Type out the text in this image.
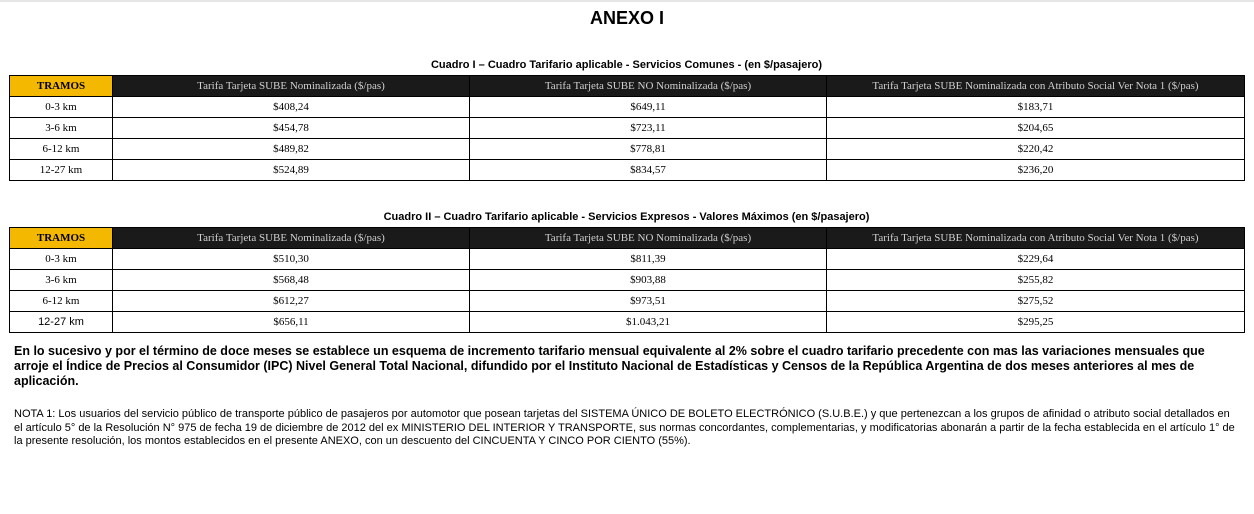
ANEXO I
Cuadro I – Cuadro Tarifario aplicable - Servicios Comunes - (en $/pasajero)
TRAMOS	Tarifa Tarjeta SUBE Nominalizada ($/pas)	Tarifa Tarjeta SUBE NO Nominalizada ($/pas)	Tarifa Tarjeta SUBE Nominalizada con Atributo Social Ver Nota 1 ($/pas)
0-3 km	$408,24	$649,11	$183,71
3-6 km	$454,78	$723,11	$204,65
6-12 km	$489,82	$778,81	$220,42
12-27 km	$524,89	$834,57	$236,20
Cuadro II – Cuadro Tarifario aplicable - Servicios Expresos - Valores Máximos (en $/pasajero)
TRAMOS	Tarifa Tarjeta SUBE Nominalizada ($/pas)	Tarifa Tarjeta SUBE NO Nominalizada ($/pas)	Tarifa Tarjeta SUBE Nominalizada con Atributo Social Ver Nota 1 ($/pas)
0-3 km	$510,30	$811,39	$229,64
3-6 km	$568,48	$903,88	$255,82
6-12 km	$612,27	$973,51	$275,52
12-27 km	$656,11	$1.043,21	$295,25
En lo sucesivo y por el término de doce meses se establece un esquema de incremento tarifario mensual equivalente al 2% sobre el cuadro tarifario precedente con mas las variaciones mensuales que arroje el Índice de Precios al Consumidor (IPC) Nivel General Total Nacional, difundido por el Instituto Nacional de Estadísticas y Censos de la República Argentina de dos meses anteriores al mes de aplicación.
NOTA 1: Los usuarios del servicio público de transporte público de pasajeros por automotor que posean tarjetas del SISTEMA ÚNICO DE BOLETO ELECTRÓNICO (S.U.B.E.) y que pertenezcan a los grupos de afinidad o atributo social detallados en el artículo 5° de la Resolución N° 975 de fecha 19 de diciembre de 2012 del ex MINISTERIO DEL INTERIOR Y TRANSPORTE, sus normas concordantes, complementarias, y modificatorias abonarán a partir de la fecha establecida en el artículo 1° de la presente resolución, los montos establecidos en el presente ANEXO, con un descuento del CINCUENTA Y CINCO POR CIENTO (55%).
